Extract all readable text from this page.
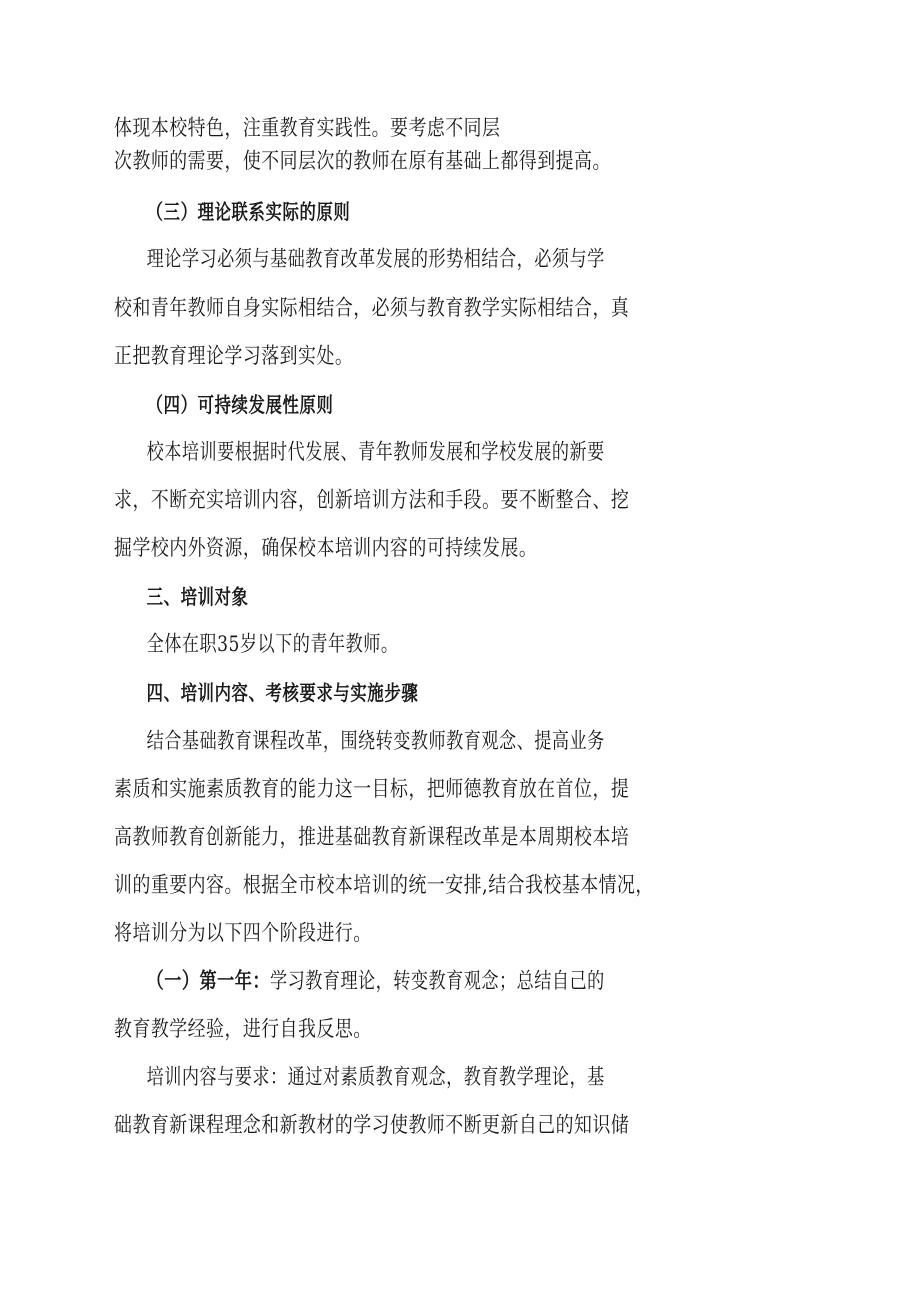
体现本校特色，注重教育实践性。要考虑不同层
次教师的需要，使不同层次的教师在原有基础上都得到提高。
（三）理论联系实际的原则
理论学习必须与基础教育改革发展的形势相结合，必须与学
校和青年教师自身实际相结合，必须与教育教学实际相结合，真
正把教育理论学习落到实处。
（四）可持续发展性原则
校本培训要根据时代发展、青年教师发展和学校发展的新要
求，不断充实培训内容，创新培训方法和手段。要不断整合、挖
掘学校内外资源，确保校本培训内容的可持续发展。
三、培训对象
全体在职35岁以下的青年教师。
四、培训内容、考核要求与实施步骤
结合基础教育课程改革，围绕转变教师教育观念、提高业务
素质和实施素质教育的能力这一目标，把师德教育放在首位，提
高教师教育创新能力，推进基础教育新课程改革是本周期校本培
训的重要内容。根据全市校本培训的统一安排,结合我校基本情况，
将培训分为以下四个阶段进行。
（一）第一年：学习教育理论，转变教育观念；总结自己的
教育教学经验，进行自我反思。
培训内容与要求：通过对素质教育观念，教育教学理论，基
础教育新课程理念和新教材的学习使教师不断更新自己的知识储
